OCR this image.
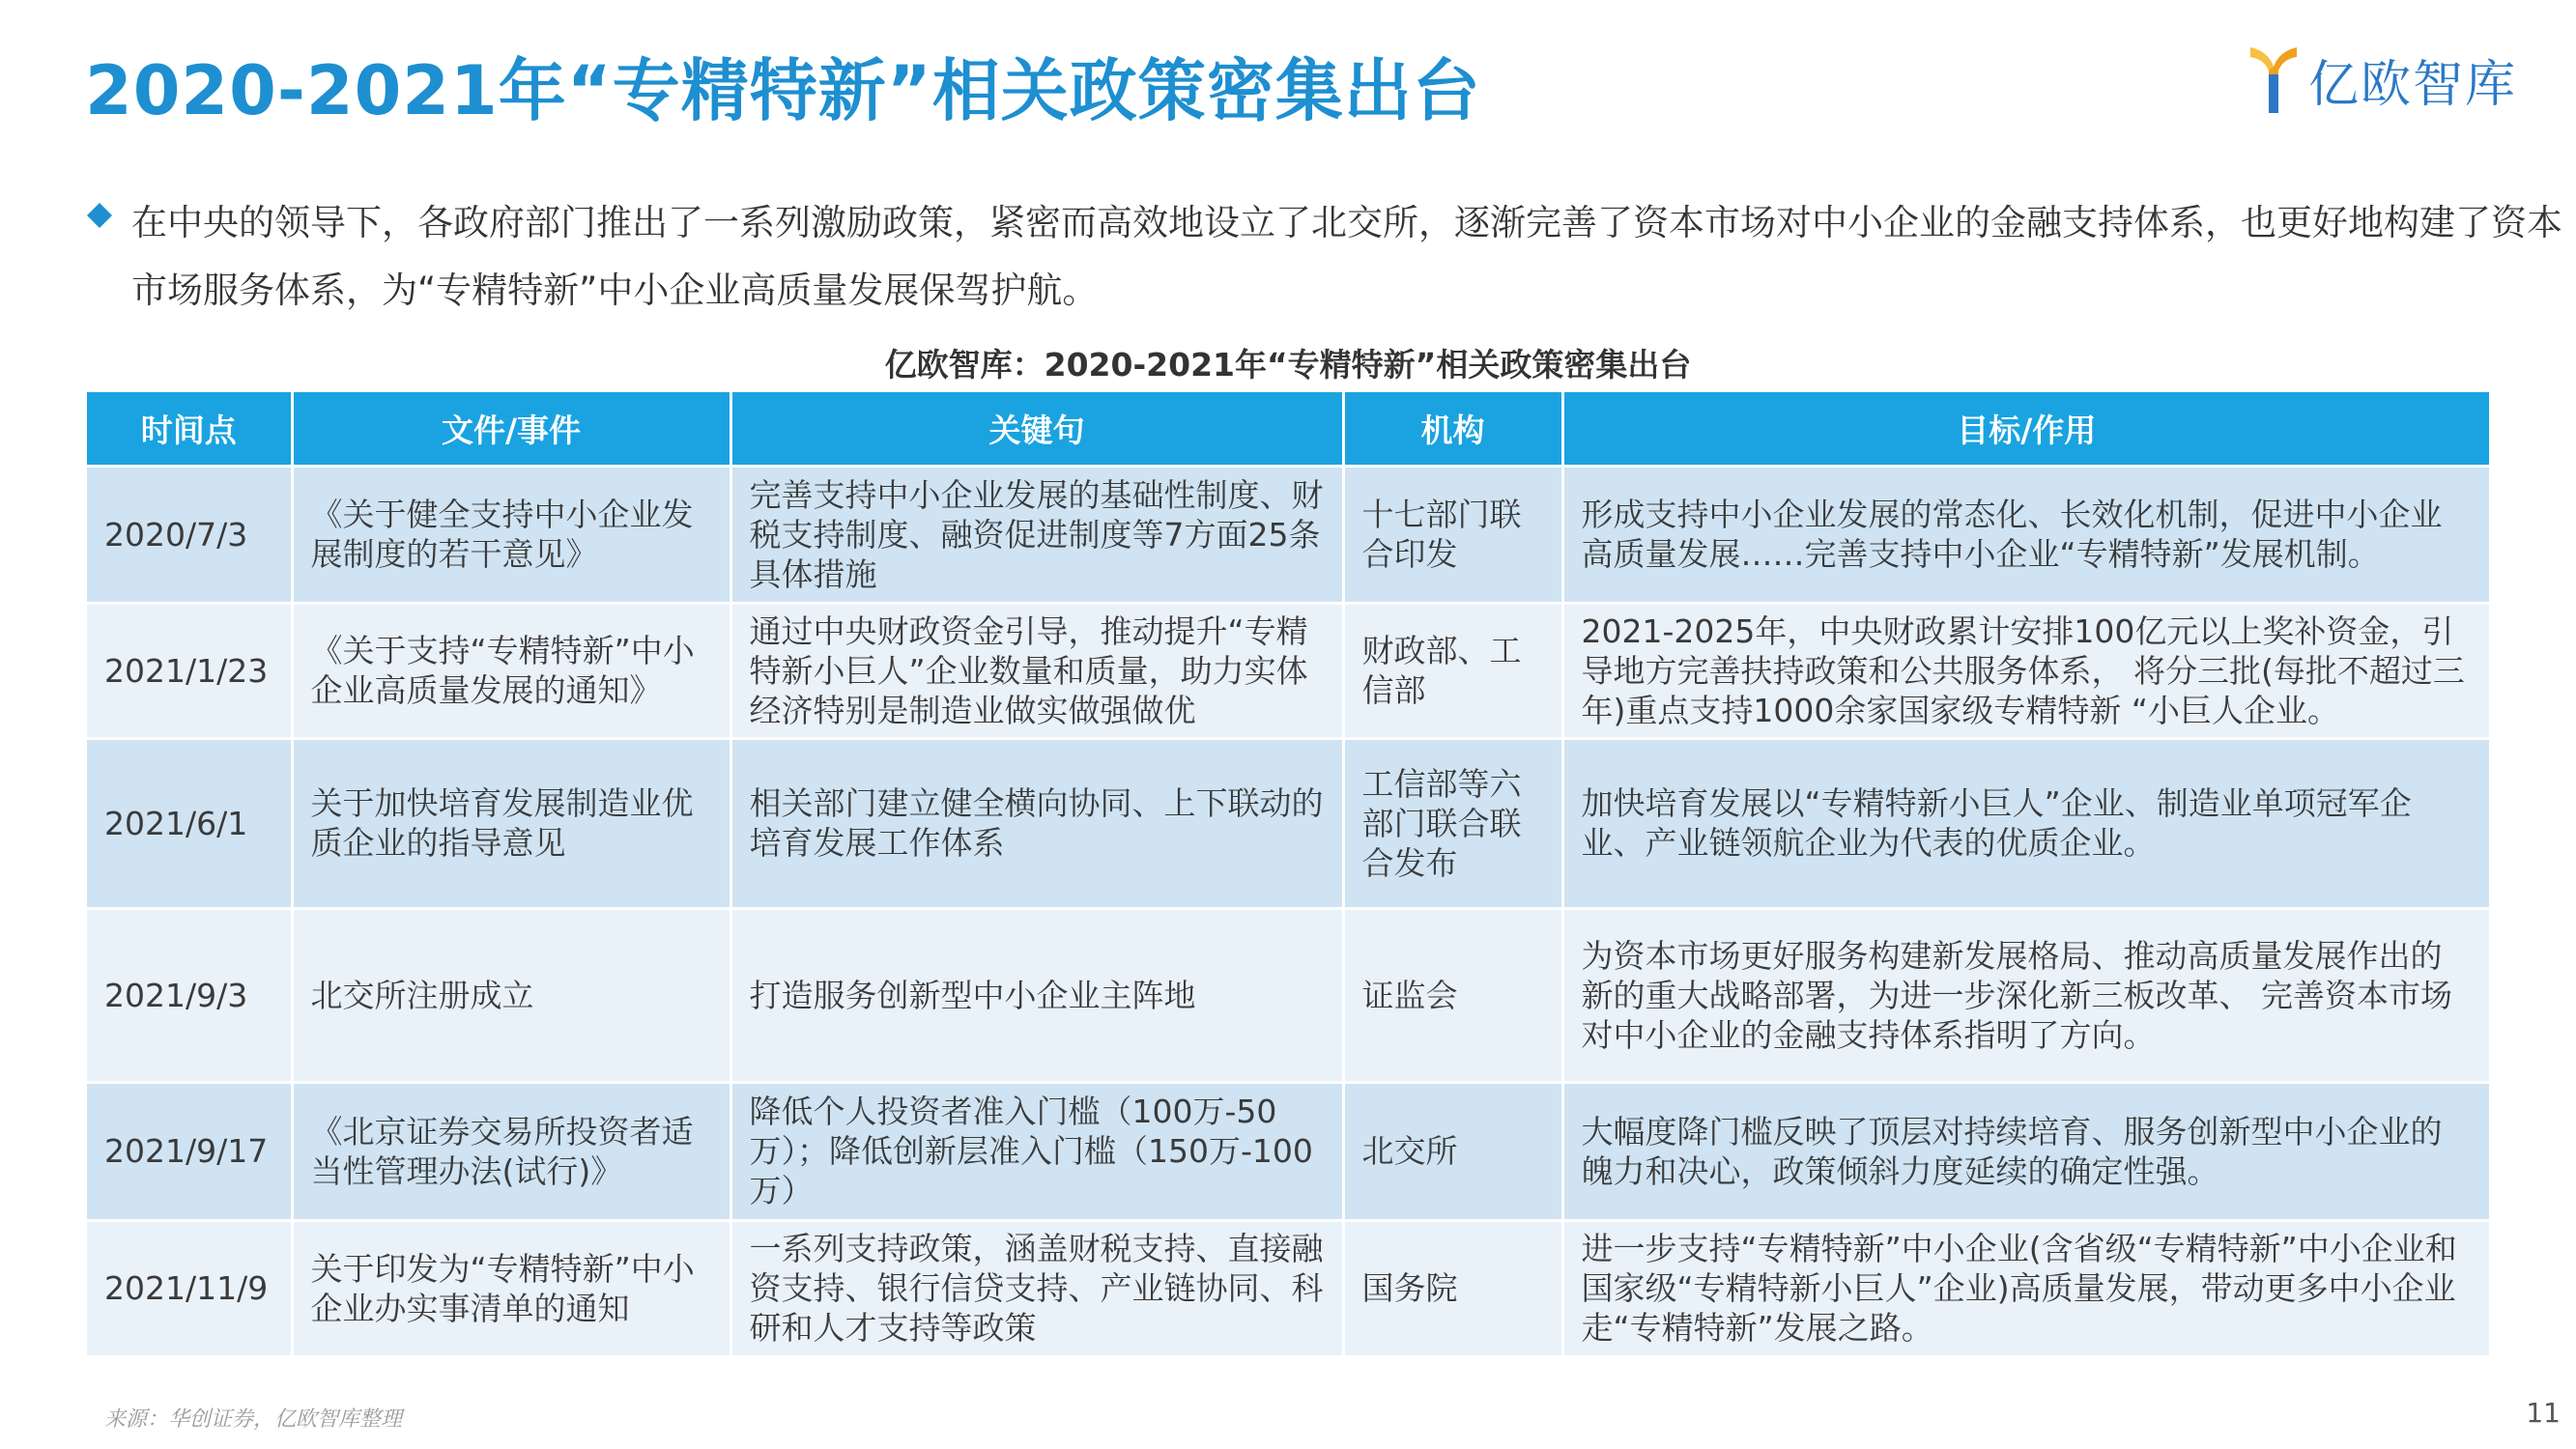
2020-2021年“专精特新”相关政策密集出台	亿欧智库
在中央的领导下，各政府部门推出了一系列激励政策，紧密而高效地设立了北交所，逐渐完善了资本市场对中小企业的金融支持体系，也更好地构建了资本市场服务体系，为“专精特新”中小企业高质量发展保驾护航。
亿欧智库：2020-2021年“专精特新”相关政策密集出台
时间点	文件/事件	关键句	机构	目标/作用
2020/7/3	《关于健全支持中小企业发展制度的若干意见》	完善支持中小企业发展的基础性制度、财税支持制度、融资促进制度等7方面25条具体措施	十七部门联合印发	形成支持中小企业发展的常态化、长效化机制，促进中小企业高质量发展……完善支持中小企业“专精特新”发展机制。
2021/1/23	《关于支持“专精特新”中小企业高质量发展的通知》	通过中央财政资金引导，推动提升“专精特新小巨人”企业数量和质量，助力实体经济特别是制造业做实做强做优	财政部、工信部	2021-2025年，中央财政累计安排100亿元以上奖补资金，引导地方完善扶持政策和公共服务体系， 将分三批(每批不超过三年)重点支持1000余家国家级专精特新 “小巨人企业。
2021/6/1	关于加快培育发展制造业优质企业的指导意见	相关部门建立健全横向协同、上下联动的培育发展工作体系	工信部等六部门联合联合发布	加快培育发展以“专精特新小巨人”企业、制造业单项冠军企业、产业链领航企业为代表的优质企业。
2021/9/3	北交所注册成立	打造服务创新型中小企业主阵地	证监会	为资本市场更好服务构建新发展格局、推动高质量发展作出的新的重大战略部署，为进一步深化新三板改革、 完善资本市场对中小企业的金融支持体系指明了方向。
2021/9/17	《北京证券交易所投资者适当性管理办法(试行)》	降低个人投资者准入门槛（100万-50万）；降低创新层准入门槛（150万-100万）	北交所	大幅度降门槛反映了顶层对持续培育、服务创新型中小企业的魄力和决心，政策倾斜力度延续的确定性强。
2021/11/9	关于印发为“专精特新”中小企业办实事清单的通知	一系列支持政策，涵盖财税支持、直接融资支持、银行信贷支持、产业链协同、科研和人才支持等政策	国务院	进一步支持“专精特新”中小企业(含省级“专精特新”中小企业和国家级“专精特新小巨人”企业)高质量发展，带动更多中小企业走“专精特新”发展之路。
来源：华创证券，亿欧智库整理	11
